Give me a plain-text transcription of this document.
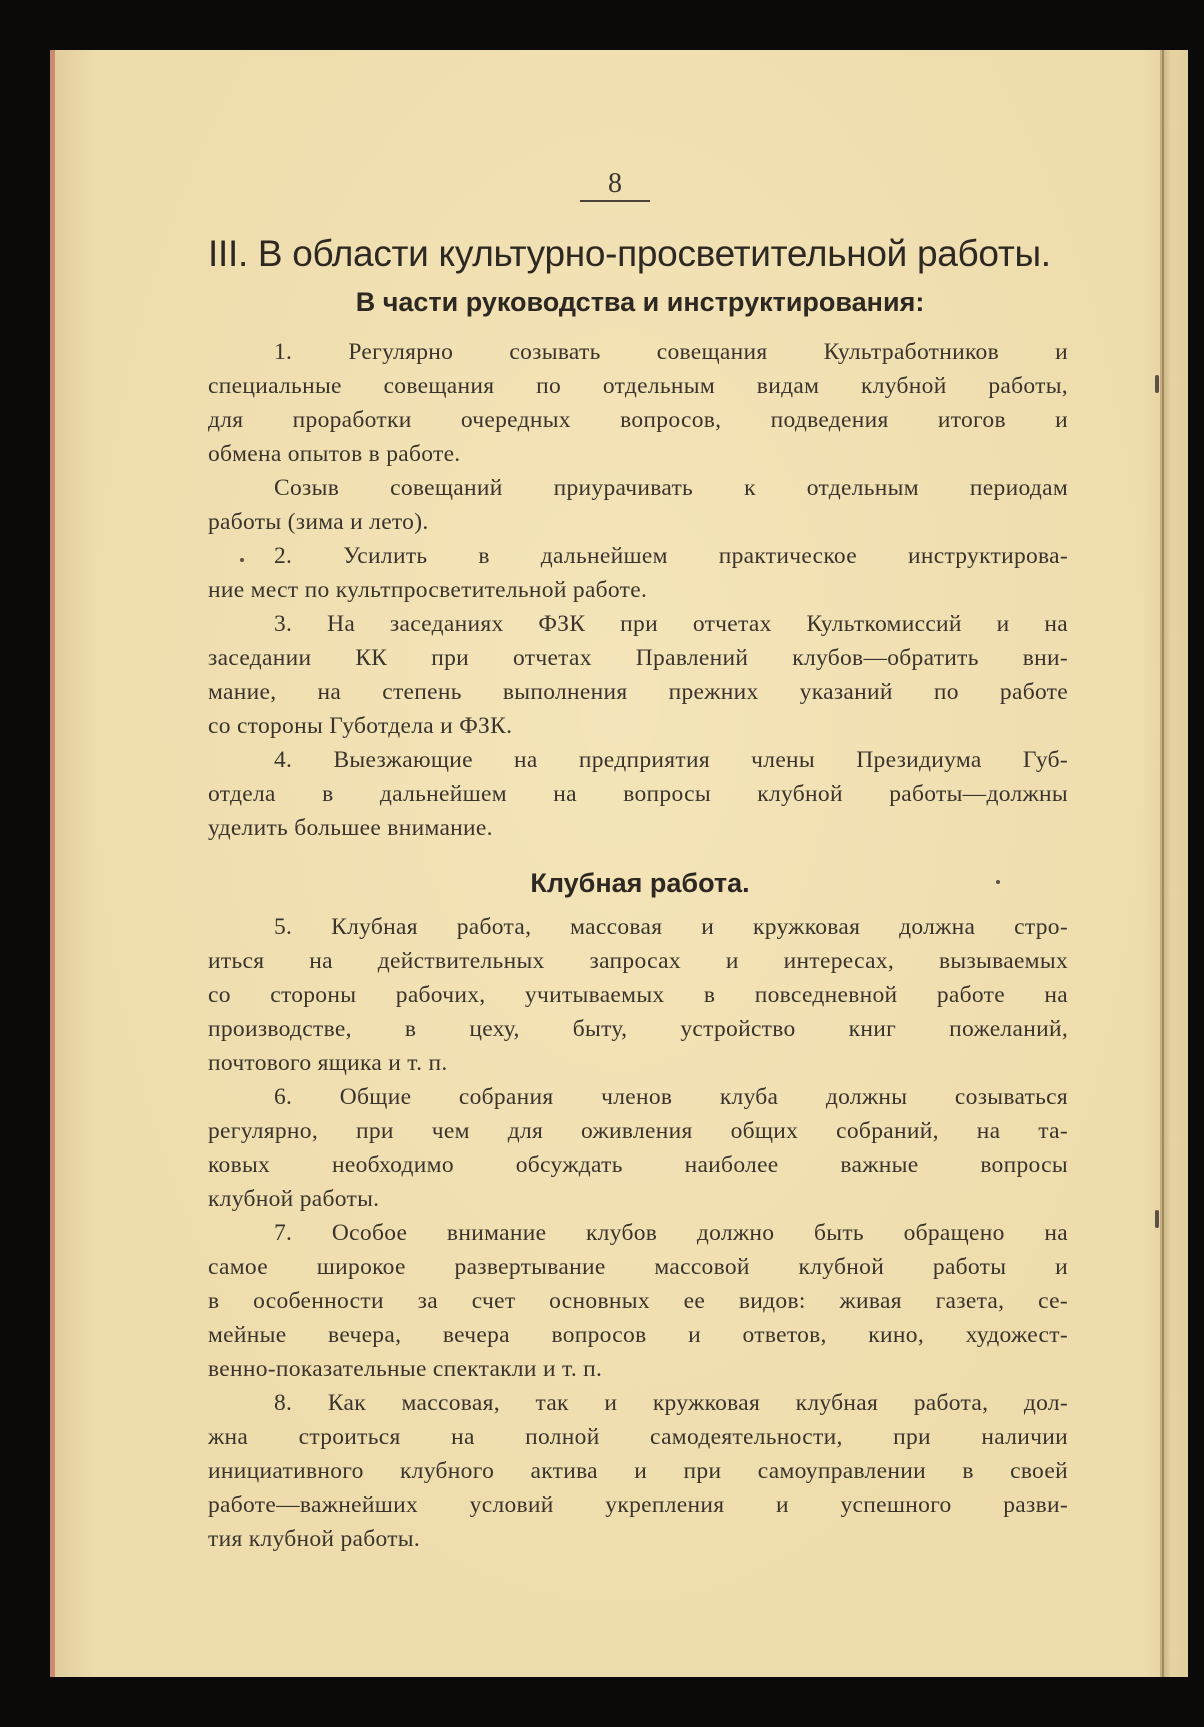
8
III. В области культурно-просветительной работы.
В части руководства и инструктирования:
1. Регулярно созывать совещания Культработников и
специальные совещания по отдельным видам клубной работы,
для проработки очередных вопросов, подведения итогов и
обмена опытов в работе.
Созыв совещаний приурачивать к отдельным периодам
работы (зима и лето).
2. Усилить в дальнейшем практическое инструктирова-
ние мест по культпросветительной работе.
3. На заседаниях ФЗК при отчетах Культкомиссий и на
заседании КК при отчетах Правлений клубов—обратить вни-
мание, на степень выполнения прежних указаний по работе
со стороны Губотдела и ФЗК.
4. Выезжающие на предприятия члены Президиума Губ-
отдела в дальнейшем на вопросы клубной работы—должны
уделить большее внимание.
Клубная работа.
5. Клубная работа, массовая и кружковая должна стро-
иться на действительных запросах и интересах, вызываемых
со стороны рабочих, учитываемых в повседневной работе на
производстве, в цеху, быту, устройство книг пожеланий,
почтового ящика и т. п.
6. Общие собрания членов клуба должны созываться
регулярно, при чем для оживления общих собраний, на та-
ковых необходимо обсуждать наиболее важные вопросы
клубной работы.
7. Особое внимание клубов должно быть обращено на
самое широкое развертывание массовой клубной работы и
в особенности за счет основных ее видов: живая газета, се-
мейные вечера, вечера вопросов и ответов, кино, художест-
венно-показательные спектакли и т. п.
8. Как массовая, так и кружковая клубная работа, дол-
жна строиться на полной самодеятельности, при наличии
инициативного клубного актива и при самоуправлении в своей
работе—важнейших условий укрепления и успешного разви-
тия клубной работы.
